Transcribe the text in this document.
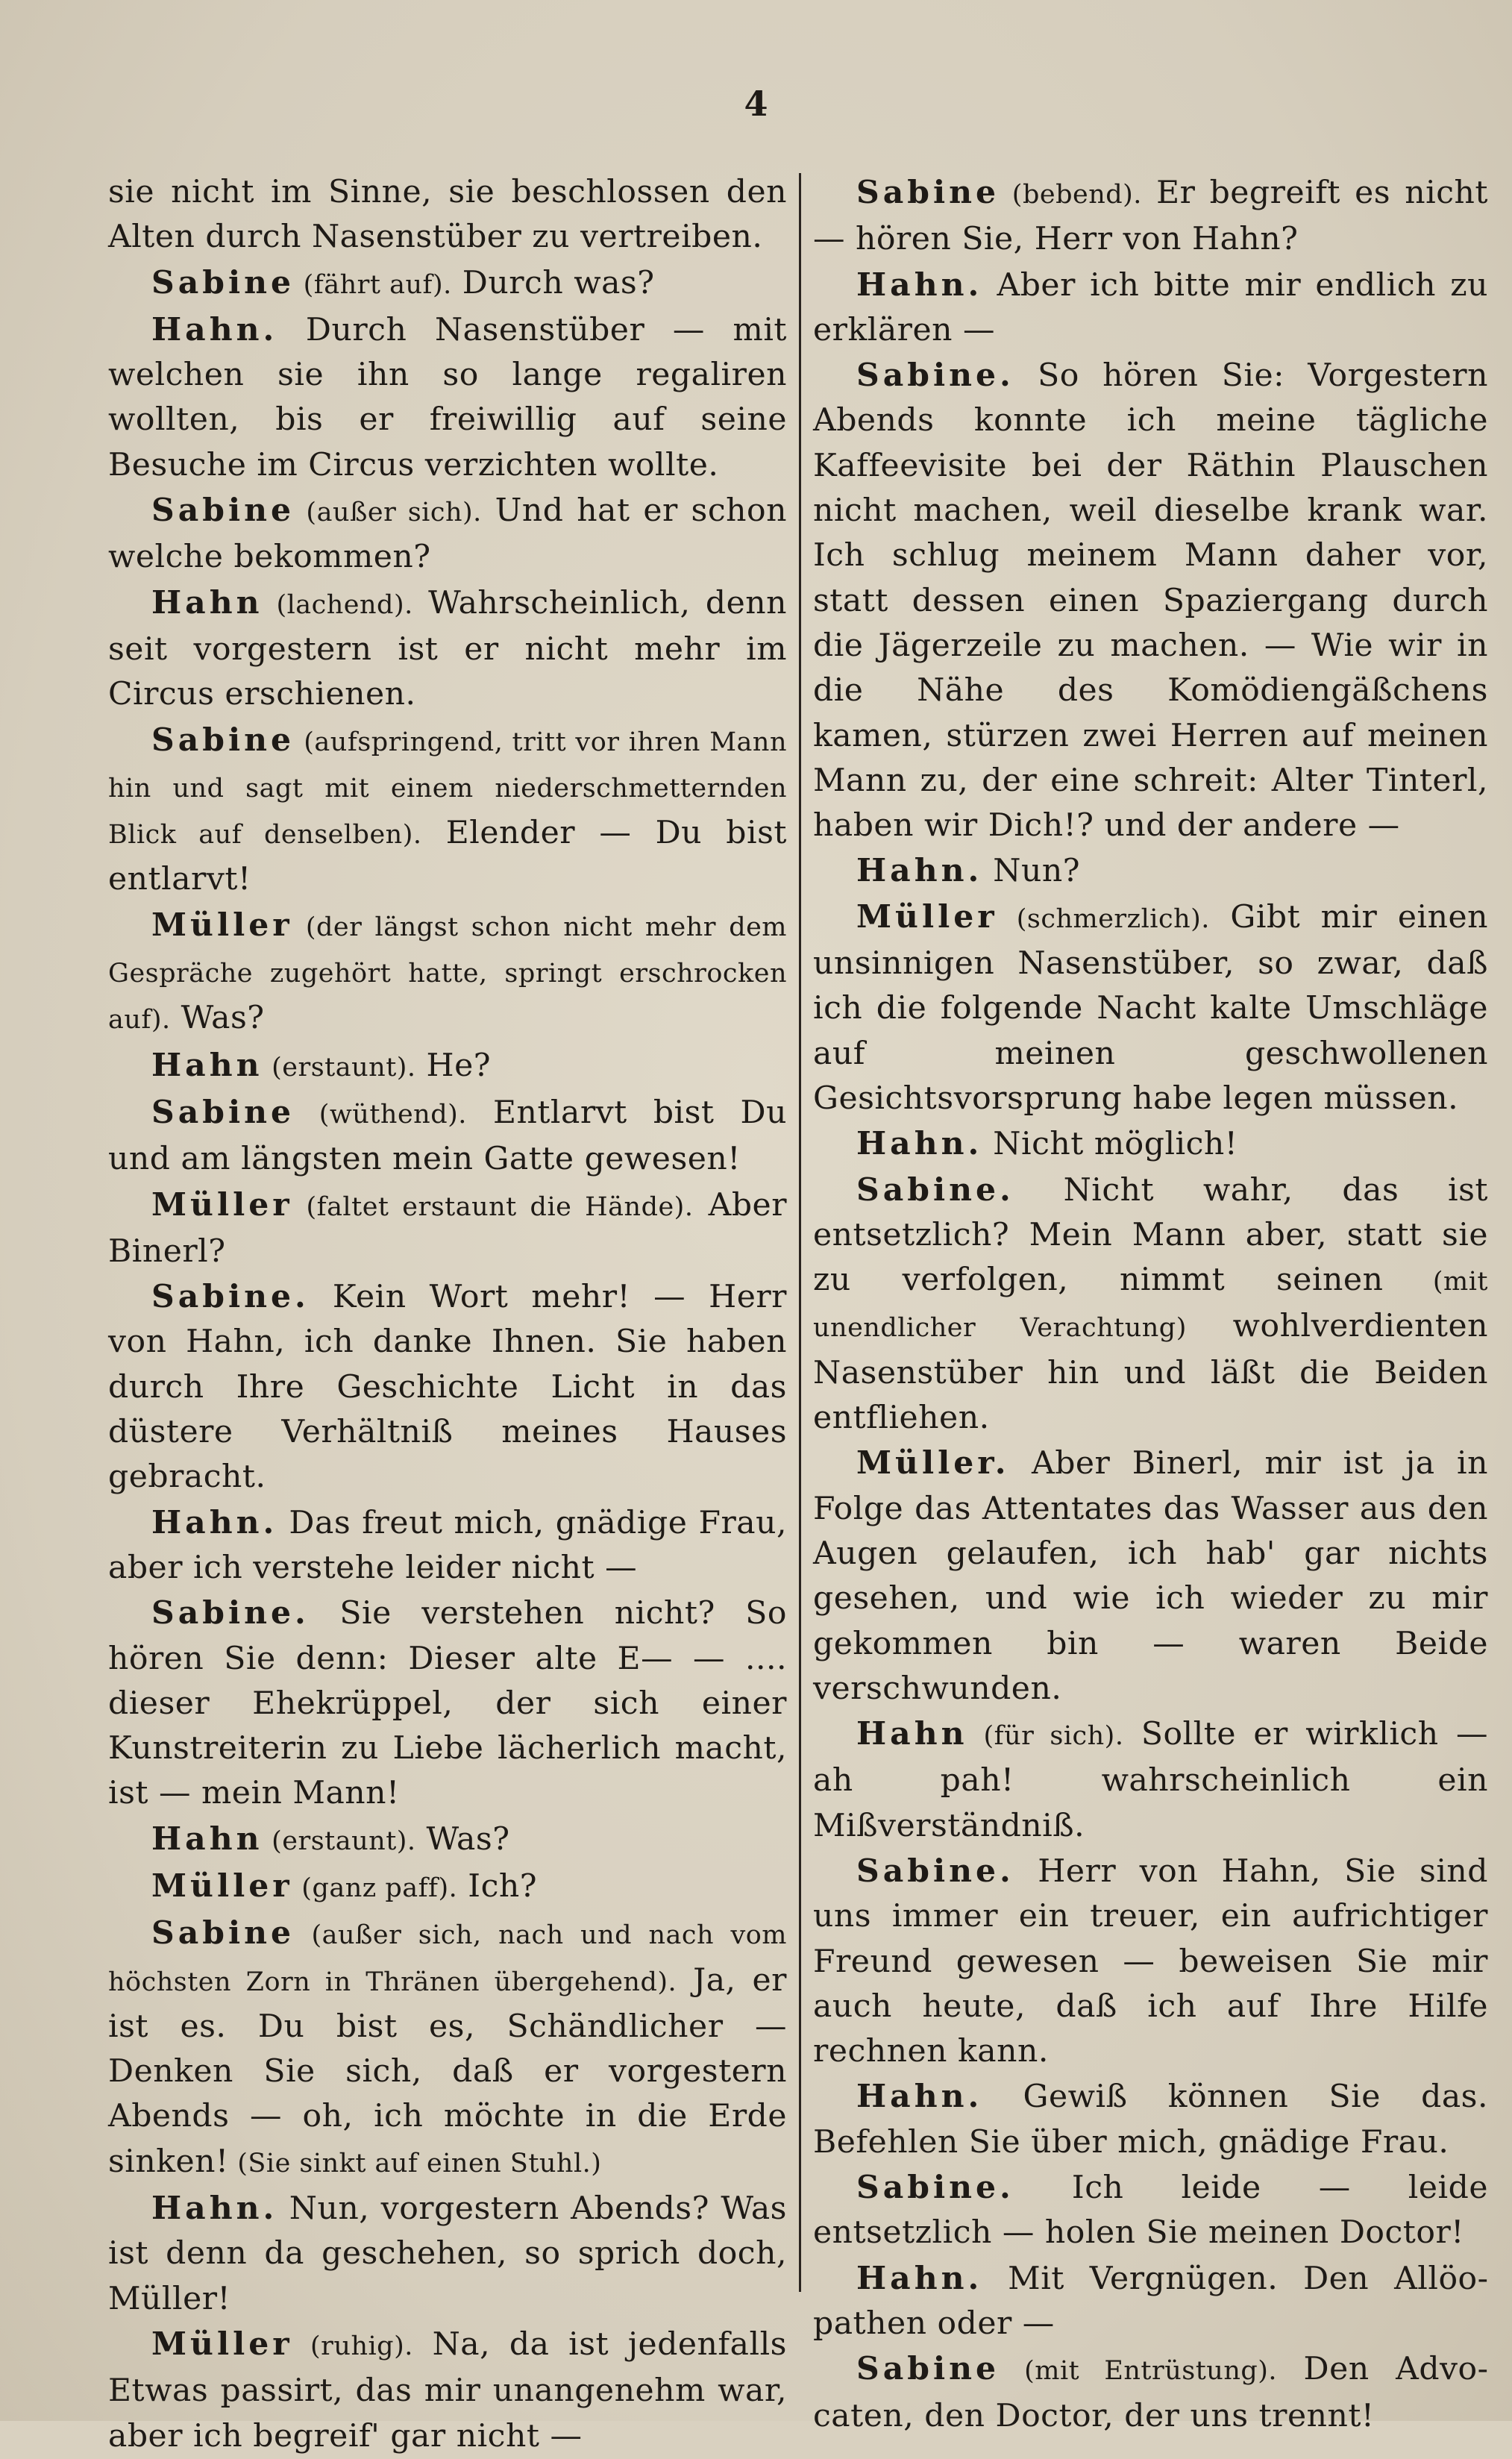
4

sie nicht im Sinne, sie beschlossen den Alten durch Nasenstüber zu vertreiben.

Sabine (fährt auf). Durch was?

Hahn. Durch Nasenstüber — mit welchen sie ihn so lange regaliren wollten, bis er freiwillig auf seine Besuche im Circus verzichten wollte.

Sabine (außer sich). Und hat er schon welche bekommen?

Hahn (lachend). Wahrscheinlich, denn seit vorgestern ist er nicht mehr im Circus erschienen.

Sabine (aufspringend, tritt vor ihren Mann hin und sagt mit einem niederschmetternden Blick auf denselben). Elender — Du bist entlarvt!

Müller (der längst schon nicht mehr dem Gespräche zugehört hatte, springt erschrocken auf). Was?

Hahn (erstaunt). He?

Sabine (wüthend). Entlarvt bist Du und am längsten mein Gatte gewesen!

Müller (faltet erstaunt die Hände). Aber Binerl?

Sabine. Kein Wort mehr! — Herr von Hahn, ich danke Ihnen. Sie haben durch Ihre Geschichte Licht in das düstere Verhältniß meines Hauses gebracht.

Hahn. Das freut mich, gnädige Frau, aber ich verstehe leider nicht —

Sabine. Sie verstehen nicht? So hören Sie denn: Dieser alte E— — .... dieser Ehekrüppel, der sich einer Kunstreiterin zu Liebe lächerlich macht, ist — mein Mann!

Hahn (erstaunt). Was?

Müller (ganz paff). Ich?

Sabine (außer sich, nach und nach vom höchsten Zorn in Thränen übergehend). Ja, er ist es. Du bist es, Schändlicher — Denken Sie sich, daß er vorgestern Abends — oh, ich möchte in die Erde sinken! (Sie sinkt auf einen Stuhl.)

Hahn. Nun, vorgestern Abends? Was ist denn da geschehen, so sprich doch, Müller!

Müller (ruhig). Na, da ist jedenfalls Etwas passirt, das mir unangenehm war, aber ich begreif' gar nicht —

Sabine (bebend). Er begreift es nicht — hören Sie, Herr von Hahn?

Hahn. Aber ich bitte mir endlich zu erklären —

Sabine. So hören Sie: Vorgestern Abends konnte ich meine tägliche Kaffeevisite bei der Räthin Plauschen nicht machen, weil dieselbe krank war. Ich schlug meinem Mann daher vor, statt dessen einen Spaziergang durch die Jägerzeile zu machen. — Wie wir in die Nähe des Komödiengäßchens kamen, stürzen zwei Herren auf meinen Mann zu, der eine schreit: Alter Tinterl, haben wir Dich!? und der andere —

Hahn. Nun?

Müller (schmerzlich). Gibt mir einen unsinnigen Nasenstüber, so zwar, daß ich die folgende Nacht kalte Umschläge auf meinen geschwollenen Gesichtsvorsprung habe legen müssen.

Hahn. Nicht möglich!

Sabine. Nicht wahr, das ist entsetzlich? Mein Mann aber, statt sie zu verfolgen, nimmt seinen (mit unendlicher Verachtung) wohlverdienten Nasenstüber hin und läßt die Beiden entfliehen.

Müller. Aber Binerl, mir ist ja in Folge das Attentates das Wasser aus den Augen gelaufen, ich hab' gar nichts gesehen, und wie ich wieder zu mir gekommen bin — waren Beide verschwunden.

Hahn (für sich). Sollte er wirklich — ah pah! wahrscheinlich ein Mißverständniß.

Sabine. Herr von Hahn, Sie sind uns immer ein treuer, ein aufrichtiger Freund gewesen — beweisen Sie mir auch heute, daß ich auf Ihre Hilfe rechnen kann.

Hahn. Gewiß können Sie das. Befehlen Sie über mich, gnädige Frau.

Sabine. Ich leide — leide entsetzlich — holen Sie meinen Doctor!

Hahn. Mit Vergnügen. Den Allöopathen oder —

Sabine (mit Entrüstung). Den Advocaten, den Doctor, der uns trennt!
